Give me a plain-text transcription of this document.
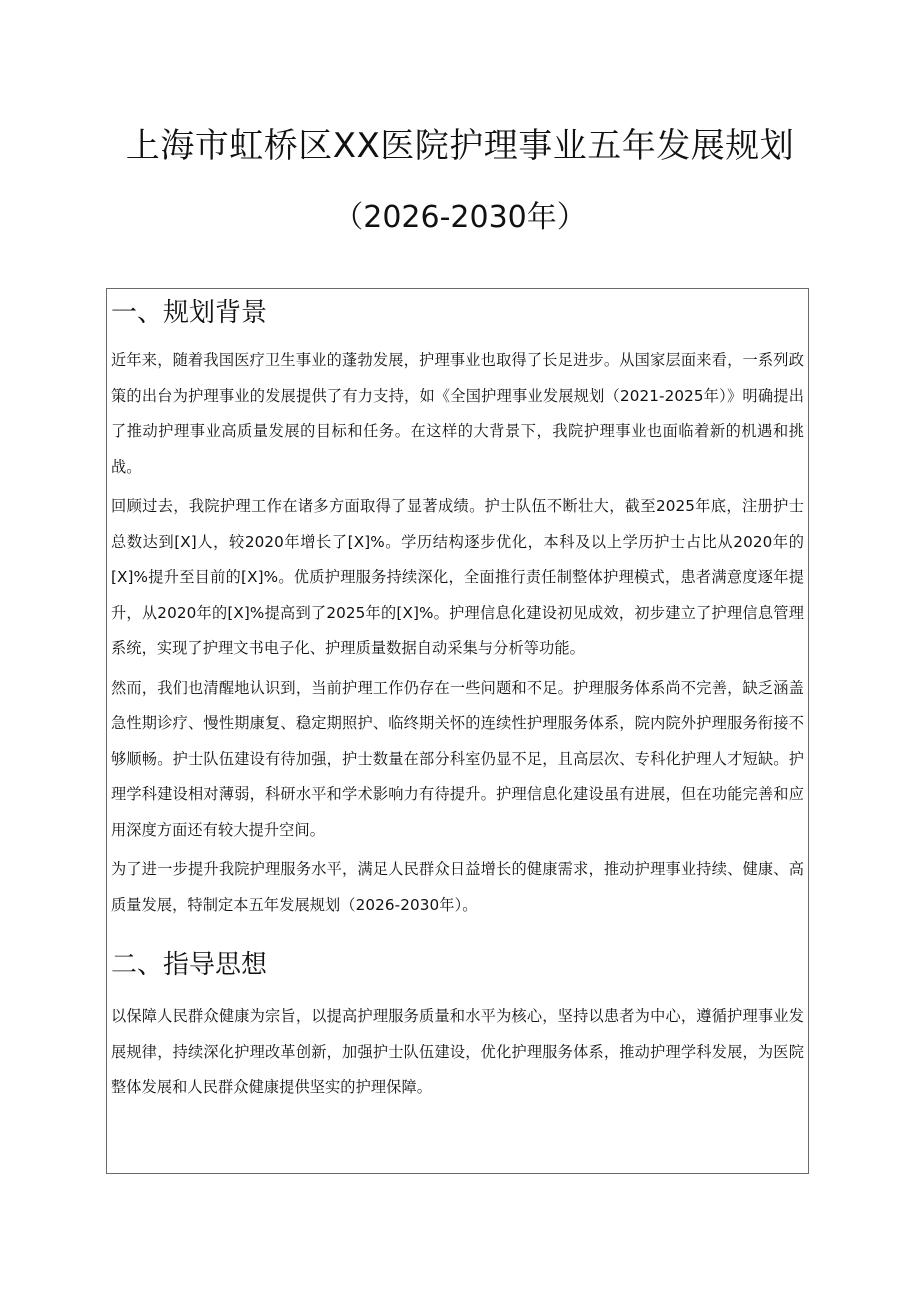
上海市虹桥区XX医院护理事业五年发展规划
（2026-2030年）
一、规划背景

近年来，随着我国医疗卫生事业的蓬勃发展，护理事业也取得了长足进步。从国家层面来看，一系列政策的出台为护理事业的发展提供了有力支持，如《全国护理事业发展规划（2021-2025年）》明确提出了推动护理事业高质量发展的目标和任务。在这样的大背景下，我院护理事业也面临着新的机遇和挑战。

回顾过去，我院护理工作在诸多方面取得了显著成绩。护士队伍不断壮大，截至2025年底，注册护士总数达到[X]人，较2020年增长了[X]%。学历结构逐步优化，本科及以上学历护士占比从2020年的[X]%提升至目前的[X]%。优质护理服务持续深化，全面推行责任制整体护理模式，患者满意度逐年提升，从2020年的[X]%提高到了2025年的[X]%。护理信息化建设初见成效，初步建立了护理信息管理系统，实现了护理文书电子化、护理质量数据自动采集与分析等功能。

然而，我们也清醒地认识到，当前护理工作仍存在一些问题和不足。护理服务体系尚不完善，缺乏涵盖急性期诊疗、慢性期康复、稳定期照护、临终期关怀的连续性护理服务体系，院内院外护理服务衔接不够顺畅。护士队伍建设有待加强，护士数量在部分科室仍显不足，且高层次、专科化护理人才短缺。护理学科建设相对薄弱，科研水平和学术影响力有待提升。护理信息化建设虽有进展，但在功能完善和应用深度方面还有较大提升空间。

为了进一步提升我院护理服务水平，满足人民群众日益增长的健康需求，推动护理事业持续、健康、高质量发展，特制定本五年发展规划（2026-2030年）。

二、指导思想

以保障人民群众健康为宗旨，以提高护理服务质量和水平为核心，坚持以患者为中心，遵循护理事业发展规律，持续深化护理改革创新，加强护士队伍建设，优化护理服务体系，推动护理学科发展，为医院整体发展和人民群众健康提供坚实的护理保障。
